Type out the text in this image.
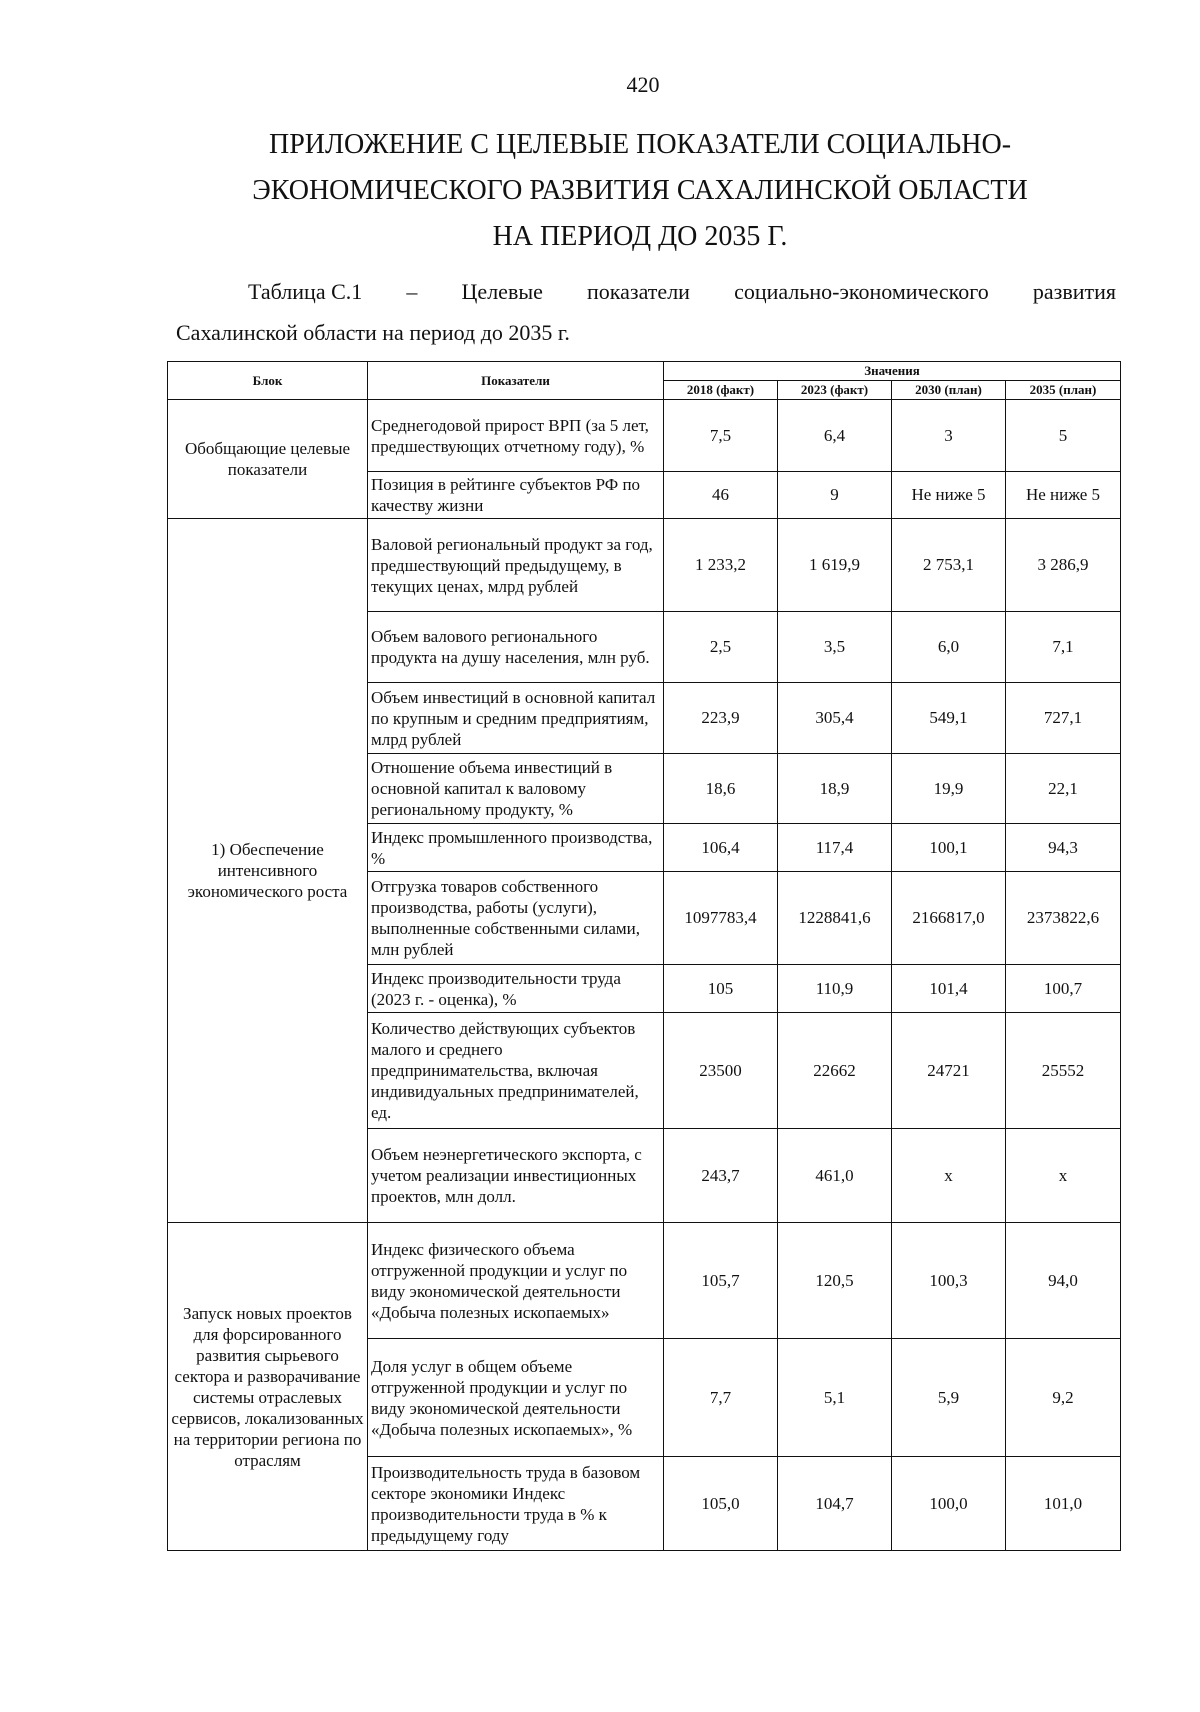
420
ПРИЛОЖЕНИЕ С ЦЕЛЕВЫЕ ПОКАЗАТЕЛИ СОЦИАЛЬНО-
ЭКОНОМИЧЕСКОГО РАЗВИТИЯ САХАЛИНСКОЙ ОБЛАСТИ
НА ПЕРИОД ДО 2035 Г.
Таблица С.1 – Целевые показатели социально-экономического развития
Сахалинской области на период до 2035 г.
Блок	Показатели	Значения			
		2018 (факт)	2023 (факт)	2030 (план)	2035 (план)
Обобщающие целевые показатели	Среднегодовой прирост ВРП (за 5 лет, предшествующих отчетному году), %	7,5	6,4	3	5
	Позиция в рейтинге субъектов РФ по качеству жизни	46	9	Не ниже 5	Не ниже 5
1) Обеспечение интенсивного экономического роста	Валовой региональный продукт за год, предшествующий предыдущему, в текущих ценах, млрд рублей	1 233,2	1 619,9	2 753,1	3 286,9
	Объем валового регионального продукта на душу населения, млн руб.	2,5	3,5	6,0	7,1
	Объем инвестиций в основной капитал по крупным и средним предприятиям, млрд рублей	223,9	305,4	549,1	727,1
	Отношение объема инвестиций в основной капитал к валовому региональному продукту, %	18,6	18,9	19,9	22,1
	Индекс промышленного производства, %	106,4	117,4	100,1	94,3
	Отгрузка товаров собственного производства, работы (услуги), выполненные собственными силами, млн рублей	1097783,4	1228841,6	2166817,0	2373822,6
	Индекс производительности труда (2023 г. - оценка), %	105	110,9	101,4	100,7
	Количество действующих субъектов малого и среднего предпринимательства, включая индивидуальных предпринимателей, ед.	23500	22662	24721	25552
	Объем неэнергетического экспорта, с учетом реализации инвестиционных проектов, млн долл.	243,7	461,0	х	х
Запуск новых проектов для форсированного развития сырьевого сектора и разворачивание системы отраслевых сервисов, локализованных на территории региона по отраслям	Индекс физического объема отгруженной продукции и услуг по виду экономической деятельности «Добыча полезных ископаемых»	105,7	120,5	100,3	94,0
	Доля услуг в общем объеме отгруженной продукции и услуг по виду экономической деятельности «Добыча полезных ископаемых», %	7,7	5,1	5,9	9,2
	Производительность труда в базовом секторе экономики Индекс производительности труда в % к предыдущему году	105,0	104,7	100,0	101,0
